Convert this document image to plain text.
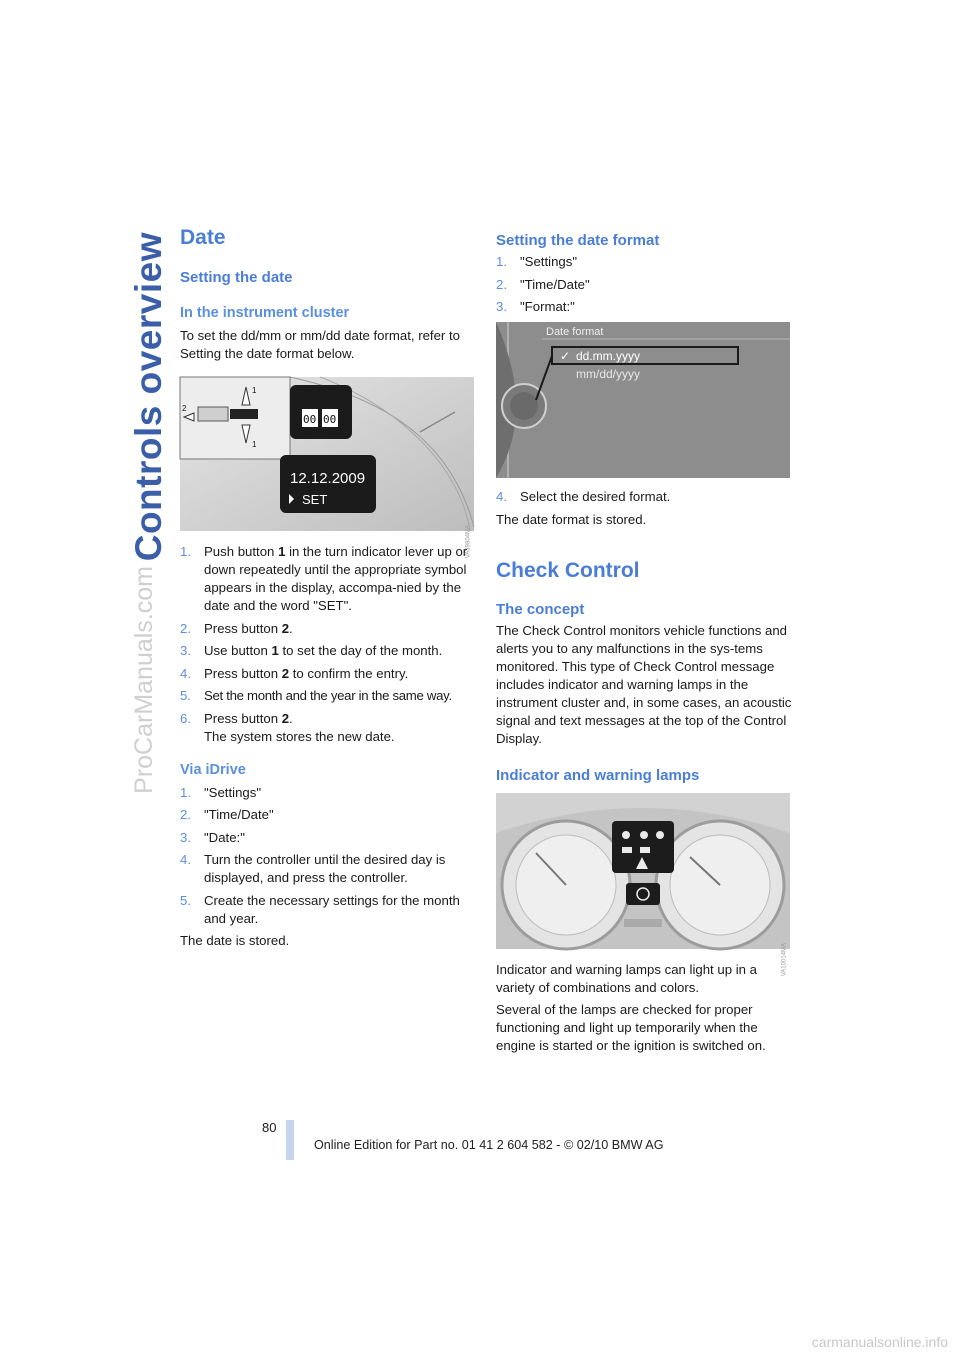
Controls overview
ProCarManuals.com
Date
Setting the date
In the instrument cluster

To set the dd/mm or mm/dd date format, refer to Setting the date format below.

1
2
1
00 00
12.12.2009
SET
VA39804MA
1. Push button 1 in the turn indicator lever up or down repeatedly until the appropriate symbol appears in the display, accompa-nied by the date and the word "SET".
2. Press button 2.
3. Use button 1 to set the day of the month.
4. Press button 2 to confirm the entry.
5. Set the month and the year in the same way.
6. Press button 2.
The system stores the new date.
Via iDrive
1. "Settings"
2. "Time/Date"
3. "Date:"
4. Turn the controller until the desired day is displayed, and press the controller.
5. Create the necessary settings for the month and year.

The date is stored.

Setting the date format
1. "Settings"
2. "Time/Date"
3. "Format:"
Date format
✓ dd.mm.yyyy
mm/dd/yyyy
4. Select the desired format.

The date format is stored.

Check Control
The concept

The Check Control monitors vehicle functions and alerts you to any malfunctions in the sys-tems monitored. This type of Check Control message includes indicator and warning lamps in the instrument cluster and, in some cases, an acoustic signal and text messages at the top of the Control Display.

Indicator and warning lamps
VA10014MA

Indicator and warning lamps can light up in a variety of combinations and colors.

Several of the lamps are checked for proper functioning and light up temporarily when the engine is started or the ignition is switched on.

80
Online Edition for Part no. 01 41 2 604 582 - © 02/10 BMW AG
carmanualsonline.info
